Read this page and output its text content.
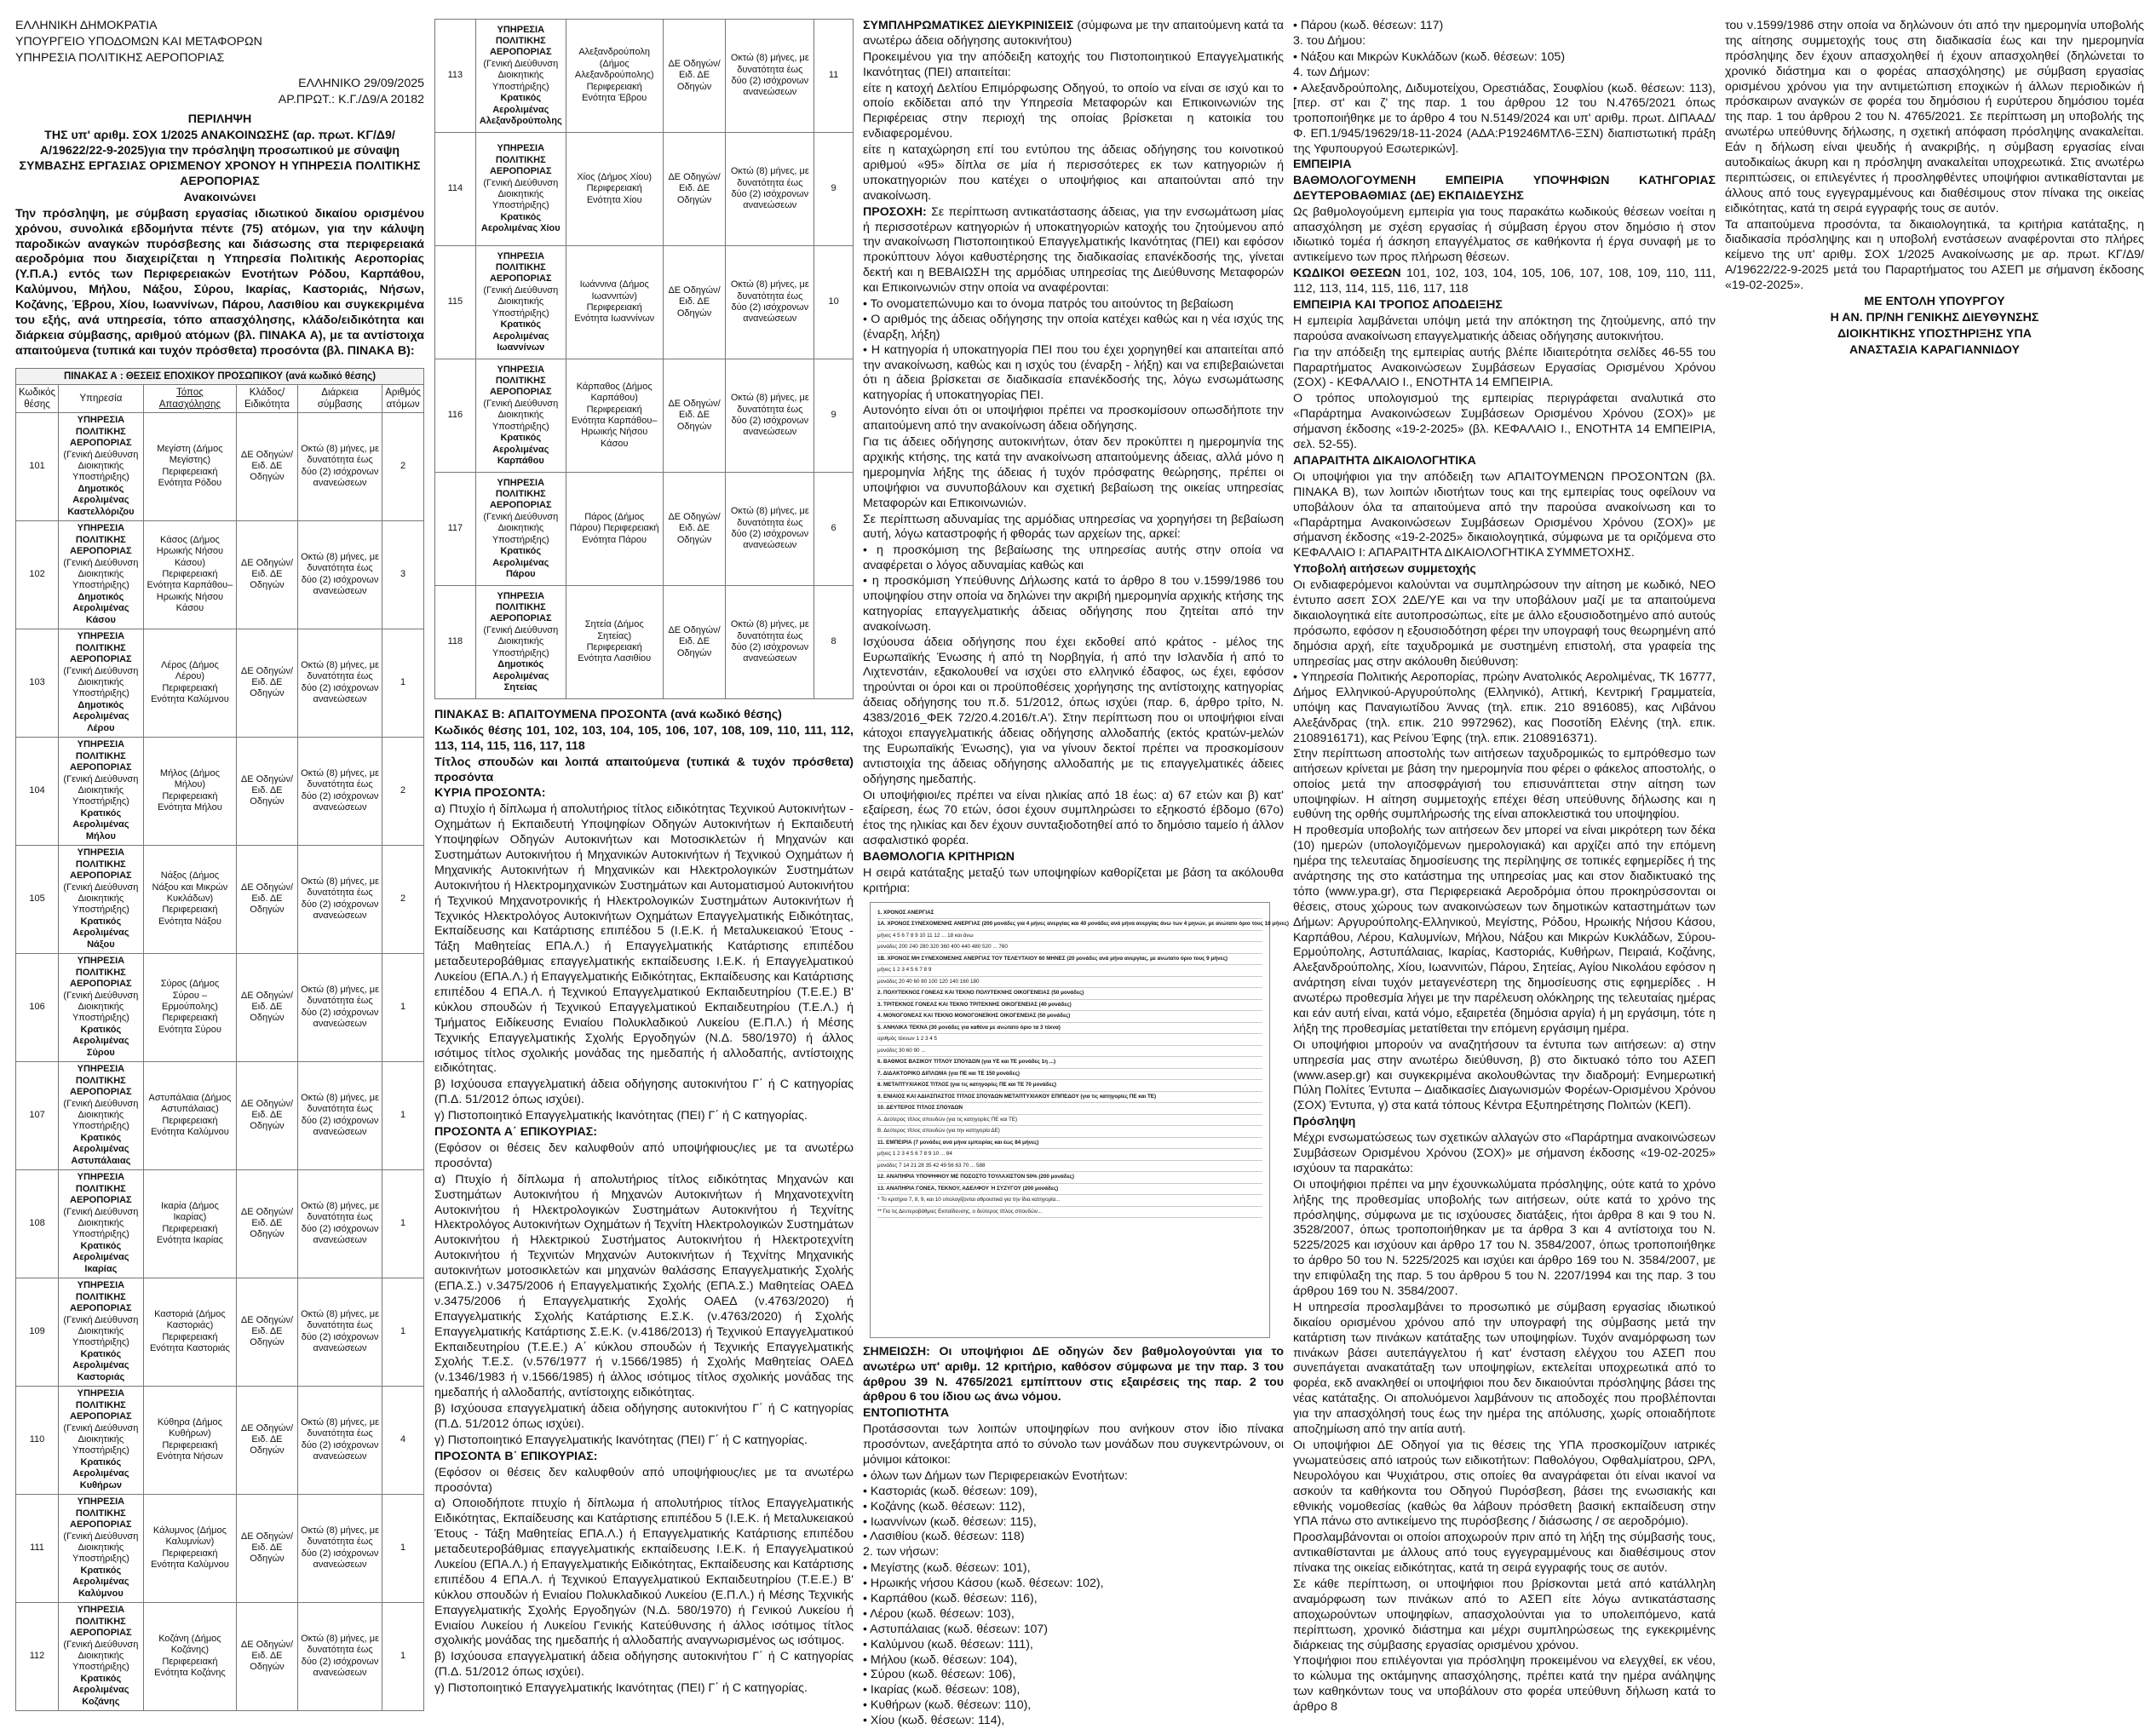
ΕΛΛΗΝΙΚΗ ΔΗΜΟΚΡΑΤΙΑ

ΥΠΟΥΡΓΕΙΟ ΥΠΟΔΟΜΩΝ ΚΑΙ ΜΕΤΑΦΟΡΩΝ

ΥΠΗΡΕΣΙΑ ΠΟΛΙΤΙΚΗΣ ΑΕΡΟΠΟΡΙΑΣ

ΕΛΛΗΝΙΚΟ 29/09/2025

ΑΡ.ΠΡΩΤ.: Κ.Γ./Δ9/Α 20182

ΠΕΡΙΛΗΨΗ

ΤΗΣ υπ' αριθμ. ΣΟΧ 1/2025 ΑΝΑΚΟΙΝΩΣΗΣ (αρ. πρωτ. ΚΓ/Δ9/Α/19622/22-9-2025)για την πρόσληψη προσωπικού με σύναψη ΣΥΜΒΑΣΗΣ ΕΡΓΑΣΙΑΣ ΟΡΙΣΜΕΝΟΥ ΧΡΟΝΟΥ Η ΥΠΗΡΕΣΙΑ ΠΟΛΙΤΙΚΗΣ ΑΕΡΟΠΟΡΙΑΣ

Ανακοινώνει

Την πρόσληψη, με σύμβαση εργασίας ιδιωτικού δικαίου ορισμένου χρόνου, συνολικά εβδομήντα πέντε (75) ατόμων, για την κάλυψη παροδικών αναγκών πυρόσβεσης και διάσωσης στα περιφερειακά αεροδρόμια που διαχειρίζεται η Υπηρεσία Πολιτικής Αεροπορίας (Υ.Π.Α.) εντός των Περιφερειακών Ενοτήτων Ρόδου, Καρπάθου, Καλύμνου, Μήλου, Νάξου, Σύρου, Ικαρίας, Καστοριάς, Νήσων, Κοζάνης, Έβρου, Χίου, Ιωαννίνων, Πάρου, Λασιθίου και συγκεκριμένα του εξής, ανά υπηρεσία, τόπο απασχόλησης, κλάδο/ειδικότητα και διάρκεια σύμβασης, αριθμού ατόμων (βλ. ΠΙΝΑΚΑ Α), με τα αντίστοιχα απαιτούμενα (τυπικά και τυχόν πρόσθετα) προσόντα (βλ. ΠΙΝΑΚΑ Β):

ΠΙΝΑΚΑΣ Α : ΘΕΣΕΙΣ ΕΠΟΧΙΚΟΥ ΠΡΟΣΩΠΙΚΟΥ (ανά κωδικό θέσης)					
Κωδικός θέσης	Υπηρεσία	Τόπος Απασχόλησης	Κλάδος/ Ειδικότητα	Διάρκεια σύμβασης	Αριθμός ατόμων
101	ΥΠΗΡΕΣΙΑ ΠΟΛΙΤΙΚΗΣ ΑΕΡΟΠΟΡΙΑΣ
(Γενική Διεύθυνση Διοικητικής Υποστήριξης)
Δημοτικός Αερολιμένας Καστελλόριζου	Μεγίστη (Δήμος Μεγίστης) Περιφερειακή Ενότητα Ρόδου	ΔΕ Οδηγών/ Ειδ. ΔΕ Οδηγών	Οκτώ (8) μήνες, με δυνατότητα έως δύο (2) ισόχρονων ανανεώσεων	2
102	ΥΠΗΡΕΣΙΑ ΠΟΛΙΤΙΚΗΣ ΑΕΡΟΠΟΡΙΑΣ
(Γενική Διεύθυνση Διοικητικής Υποστήριξης)
Δημοτικός Αερολιμένας Κάσου	Κάσος (Δήμος Ηρωικής Νήσου Κάσου) Περιφερειακή Ενότητα Καρπάθου– Ηρωικής Νήσου Κάσου	ΔΕ Οδηγών/ Ειδ. ΔΕ Οδηγών	Οκτώ (8) μήνες, με δυνατότητα έως δύο (2) ισόχρονων ανανεώσεων	3
103	ΥΠΗΡΕΣΙΑ ΠΟΛΙΤΙΚΗΣ ΑΕΡΟΠΟΡΙΑΣ
(Γενική Διεύθυνση Διοικητικής Υποστήριξης)
Δημοτικός Αερολιμένας Λέρου	Λέρος (Δήμος Λέρου) Περιφερειακή Ενότητα Καλύμνου	ΔΕ Οδηγών/ Ειδ. ΔΕ Οδηγών	Οκτώ (8) μήνες, με δυνατότητα έως δύο (2) ισόχρονων ανανεώσεων	1
104	ΥΠΗΡΕΣΙΑ ΠΟΛΙΤΙΚΗΣ ΑΕΡΟΠΟΡΙΑΣ
(Γενική Διεύθυνση Διοικητικής Υποστήριξης)
Κρατικός Αερολιμένας Μήλου	Μήλος (Δήμος Μήλου) Περιφερειακή Ενότητα Μήλου	ΔΕ Οδηγών/ Ειδ. ΔΕ Οδηγών	Οκτώ (8) μήνες, με δυνατότητα έως δύο (2) ισόχρονων ανανεώσεων	2
105	ΥΠΗΡΕΣΙΑ ΠΟΛΙΤΙΚΗΣ ΑΕΡΟΠΟΡΙΑΣ
(Γενική Διεύθυνση Διοικητικής Υποστήριξης)
Κρατικός Αερολιμένας Νάξου	Νάξος (Δήμος Νάξου και Μικρών Κυκλάδων) Περιφερειακή Ενότητα Νάξου	ΔΕ Οδηγών/ Ειδ. ΔΕ Οδηγών	Οκτώ (8) μήνες, με δυνατότητα έως δύο (2) ισόχρονων ανανεώσεων	2
106	ΥΠΗΡΕΣΙΑ ΠΟΛΙΤΙΚΗΣ ΑΕΡΟΠΟΡΙΑΣ
(Γενική Διεύθυνση Διοικητικής Υποστήριξης)
Κρατικός Αερολιμένας Σύρου	Σύρος (Δήμος Σύρου – Ερμούπολης) Περιφερειακή Ενότητα Σύρου	ΔΕ Οδηγών/ Ειδ. ΔΕ Οδηγών	Οκτώ (8) μήνες, με δυνατότητα έως δύο (2) ισόχρονων ανανεώσεων	1
107	ΥΠΗΡΕΣΙΑ ΠΟΛΙΤΙΚΗΣ ΑΕΡΟΠΟΡΙΑΣ
(Γενική Διεύθυνση Διοικητικής Υποστήριξης)
Κρατικός Αερολιμένας Αστυπάλαιας	Αστυπάλαια (Δήμος Αστυπάλαιας) Περιφερειακή Ενότητα Καλύμνου	ΔΕ Οδηγών/ Ειδ. ΔΕ Οδηγών	Οκτώ (8) μήνες, με δυνατότητα έως δύο (2) ισόχρονων ανανεώσεων	1
108	ΥΠΗΡΕΣΙΑ ΠΟΛΙΤΙΚΗΣ ΑΕΡΟΠΟΡΙΑΣ
(Γενική Διεύθυνση Διοικητικής Υποστήριξης)
Κρατικός Αερολιμένας Ικαρίας	Ικαρία (Δήμος Ικαρίας) Περιφερειακή Ενότητα Ικαρίας	ΔΕ Οδηγών/ Ειδ. ΔΕ Οδηγών	Οκτώ (8) μήνες, με δυνατότητα έως δύο (2) ισόχρονων ανανεώσεων	1
109	ΥΠΗΡΕΣΙΑ ΠΟΛΙΤΙΚΗΣ ΑΕΡΟΠΟΡΙΑΣ
(Γενική Διεύθυνση Διοικητικής Υποστήριξης)
Κρατικός Αερολιμένας Καστοριάς	Καστοριά (Δήμος Καστοριάς) Περιφερειακή Ενότητα Καστοριάς	ΔΕ Οδηγών/ Ειδ. ΔΕ Οδηγών	Οκτώ (8) μήνες, με δυνατότητα έως δύο (2) ισόχρονων ανανεώσεων	1
110	ΥΠΗΡΕΣΙΑ ΠΟΛΙΤΙΚΗΣ ΑΕΡΟΠΟΡΙΑΣ
(Γενική Διεύθυνση Διοικητικής Υποστήριξης)
Κρατικός Αερολιμένας Κυθήρων	Κύθηρα (Δήμος Κυθήρων) Περιφερειακή Ενότητα Νήσων	ΔΕ Οδηγών/ Ειδ. ΔΕ Οδηγών	Οκτώ (8) μήνες, με δυνατότητα έως δύο (2) ισόχρονων ανανεώσεων	4
111	ΥΠΗΡΕΣΙΑ ΠΟΛΙΤΙΚΗΣ ΑΕΡΟΠΟΡΙΑΣ
(Γενική Διεύθυνση Διοικητικής Υποστήριξης)
Κρατικός Αερολιμένας Καλύμνου	Κάλυμνος (Δήμος Καλυμνίων) Περιφερειακή Ενότητα Καλύμνου	ΔΕ Οδηγών/ Ειδ. ΔΕ Οδηγών	Οκτώ (8) μήνες, με δυνατότητα έως δύο (2) ισόχρονων ανανεώσεων	1
112	ΥΠΗΡΕΣΙΑ ΠΟΛΙΤΙΚΗΣ ΑΕΡΟΠΟΡΙΑΣ
(Γενική Διεύθυνση Διοικητικής Υποστήριξης)
Κρατικός Αερολιμένας Κοζάνης	Κοζάνη (Δήμος Κοζάνης) Περιφερειακή Ενότητα Κοζάνης	ΔΕ Οδηγών/ Ειδ. ΔΕ Οδηγών	Οκτώ (8) μήνες, με δυνατότητα έως δύο (2) ισόχρονων ανανεώσεων	1
113	ΥΠΗΡΕΣΙΑ ΠΟΛΙΤΙΚΗΣ ΑΕΡΟΠΟΡΙΑΣ
(Γενική Διεύθυνση Διοικητικής Υποστήριξης)
Κρατικός Αερολιμένας Αλεξανδρούπολης	Αλεξανδρούπολη (Δήμος Αλεξανδρούπολης) Περιφερειακή Ενότητα Έβρου	ΔΕ Οδηγών/ Ειδ. ΔΕ Οδηγών	Οκτώ (8) μήνες, με δυνατότητα έως δύο (2) ισόχρονων ανανεώσεων	11
114	ΥΠΗΡΕΣΙΑ ΠΟΛΙΤΙΚΗΣ ΑΕΡΟΠΟΡΙΑΣ
(Γενική Διεύθυνση Διοικητικής Υποστήριξης)
Κρατικός Αερολιμένας Χίου	Χίος (Δήμος Χίου) Περιφερειακή Ενότητα Χίου	ΔΕ Οδηγών/ Ειδ. ΔΕ Οδηγών	Οκτώ (8) μήνες, με δυνατότητα έως δύο (2) ισόχρονων ανανεώσεων	9
115	ΥΠΗΡΕΣΙΑ ΠΟΛΙΤΙΚΗΣ ΑΕΡΟΠΟΡΙΑΣ
(Γενική Διεύθυνση Διοικητικής Υποστήριξης)
Κρατικός Αερολιμένας Ιωαννίνων	Ιωάννινα (Δήμος Ιωαννιτών) Περιφερειακή Ενότητα Ιωαννίνων	ΔΕ Οδηγών/ Ειδ. ΔΕ Οδηγών	Οκτώ (8) μήνες, με δυνατότητα έως δύο (2) ισόχρονων ανανεώσεων	10
116	ΥΠΗΡΕΣΙΑ ΠΟΛΙΤΙΚΗΣ ΑΕΡΟΠΟΡΙΑΣ
(Γενική Διεύθυνση Διοικητικής Υποστήριξης)
Κρατικός Αερολιμένας Καρπάθου	Κάρπαθος (Δήμος Καρπάθου) Περιφερειακή Ενότητα Καρπάθου–Ηρωικής Νήσου Κάσου	ΔΕ Οδηγών/ Ειδ. ΔΕ Οδηγών	Οκτώ (8) μήνες, με δυνατότητα έως δύο (2) ισόχρονων ανανεώσεων	9
117	ΥΠΗΡΕΣΙΑ ΠΟΛΙΤΙΚΗΣ ΑΕΡΟΠΟΡΙΑΣ
(Γενική Διεύθυνση Διοικητικής Υποστήριξης)
Κρατικός Αερολιμένας Πάρου	Πάρος (Δήμος Πάρου) Περιφερειακή Ενότητα Πάρου	ΔΕ Οδηγών/ Ειδ. ΔΕ Οδηγών	Οκτώ (8) μήνες, με δυνατότητα έως δύο (2) ισόχρονων ανανεώσεων	6
118	ΥΠΗΡΕΣΙΑ ΠΟΛΙΤΙΚΗΣ ΑΕΡΟΠΟΡΙΑΣ
(Γενική Διεύθυνση Διοικητικής Υποστήριξης)
Δημοτικός Αερολιμένας Σητείας	Σητεία (Δήμος Σητείας) Περιφερειακή Ενότητα Λασιθίου	ΔΕ Οδηγών/ Ειδ. ΔΕ Οδηγών	Οκτώ (8) μήνες, με δυνατότητα έως δύο (2) ισόχρονων ανανεώσεων	8

ΠΙΝΑΚΑΣ Β: ΑΠΑΙΤΟΥΜΕΝΑ ΠΡΟΣΟΝΤΑ (ανά κωδικό θέσης)

Κωδικός θέσης 101, 102, 103, 104, 105, 106, 107, 108, 109, 110, 111, 112, 113, 114, 115, 116, 117, 118

Τίτλος σπουδών και λοιπά απαιτούμενα (τυπικά & τυχόν πρόσθετα) προσόντα

ΚΥΡΙΑ ΠΡΟΣΟΝΤΑ:

α) Πτυχίο ή δίπλωμα ή απολυτήριος τίτλος ειδικότητας Τεχνικού Αυτοκινήτων - Οχημάτων ή Εκπαιδευτή Υποψηφίων Οδηγών Αυτοκινήτων ή Εκπαιδευτή Υποψηφίων Οδηγών Αυτοκινήτων και Μοτοσικλετών ή Μηχανών και Συστημάτων Αυτοκινήτου ή Μηχανικών Αυτοκινήτων ή Τεχνικού Οχημάτων ή Μηχανικής Αυτοκινήτων ή Μηχανικών και Ηλεκτρολογικών Συστημάτων Αυτοκινήτου ή Ηλεκτρομηχανικών Συστημάτων και Αυτοματισμού Αυτοκινήτου ή Τεχνικού Μηχανοτρονικής ή Ηλεκτρολογικών Συστημάτων Αυτοκινήτων ή Τεχνικός Ηλεκτρολόγος Αυτοκινήτων Οχημάτων Επαγγελματικής Ειδικότητας, Εκπαίδευσης και Κατάρτισης επιπέδου 5 (Ι.Ε.Κ. ή Μεταλυκειακού Έτους - Τάξη Μαθητείας ΕΠΑ.Λ.) ή Επαγγελματικής Κατάρτισης επιπέδου μεταδευτεροβάθμιας επαγγελματικής εκπαίδευσης Ι.Ε.Κ. ή Επαγγελματικού Λυκείου (ΕΠΑ.Λ.) ή Επαγγελματικής Ειδικότητας, Εκπαίδευσης και Κατάρτισης επιπέδου 4 ΕΠΑ.Λ. ή Τεχνικού Επαγγελματικού Εκπαιδευτηρίου (Τ.Ε.Ε.) Β' κύκλου σπουδών ή Τεχνικού Επαγγελματικού Εκπαιδευτηρίου (Τ.Ε.Λ.) ή Τμήματος Ειδίκευσης Ενιαίου Πολυκλαδικού Λυκείου (Ε.Π.Λ.) ή Μέσης Τεχνικής Επαγγελματικής Σχολής Εργοδηγών (Ν.Δ. 580/1970) ή άλλος ισότιμος τίτλος σχολικής μονάδας της ημεδαπής ή αλλοδαπής, αντίστοιχης ειδικότητας.

β) Ισχύουσα επαγγελματική άδεια οδήγησης αυτοκινήτου Γ΄ ή C κατηγορίας (Π.Δ. 51/2012 όπως ισχύει).

γ) Πιστοποιητικό Επαγγελματικής Ικανότητας (ΠΕΙ) Γ΄ ή C κατηγορίας.

ΠΡΟΣΟΝΤΑ Α΄ ΕΠΙΚΟΥΡΙΑΣ:

(Εφόσον οι θέσεις δεν καλυφθούν από υποψήφιους/ιες με τα ανωτέρω προσόντα)

α) Πτυχίο ή δίπλωμα ή απολυτήριος τίτλος ειδικότητας Μηχανών και Συστημάτων Αυτοκινήτου ή Μηχανών Αυτοκινήτων ή Μηχανοτεχνίτη Αυτοκινήτου ή Ηλεκτρολογικών Συστημάτων Αυτοκινήτου ή Τεχνίτης Ηλεκτρολόγος Αυτοκινήτων Οχημάτων ή Τεχνίτη Ηλεκτρολογικών Συστημάτων Αυτοκινήτου ή Ηλεκτρικού Συστήματος Αυτοκινήτου ή Ηλεκτροτεχνίτη Αυτοκινήτου ή Τεχνιτών Μηχανών Αυτοκινήτων ή Τεχνίτης Μηχανικής αυτοκινήτων μοτοσικλετών και μηχανών θαλάσσης Επαγγελματικής Σχολής (ΕΠΑ.Σ.) ν.3475/2006 ή Επαγγελματικής Σχολής (ΕΠΑ.Σ.) Μαθητείας ΟΑΕΔ ν.3475/2006 ή Επαγγελματικής Σχολής ΟΑΕΔ (ν.4763/2020) ή Επαγγελματικής Σχολής Κατάρτισης Ε.Σ.Κ. (ν.4763/2020) ή Σχολής Επαγγελματικής Κατάρτισης Σ.Ε.Κ. (ν.4186/2013) ή Τεχνικού Επαγγελματικού Εκπαιδευτηρίου (Τ.Ε.Ε.) Α΄ κύκλου σπουδών ή Τεχνικής Επαγγελματικής Σχολής Τ.Ε.Σ. (ν.576/1977 ή ν.1566/1985) ή Σχολής Μαθητείας ΟΑΕΔ (ν.1346/1983 ή ν.1566/1985) ή άλλος ισότιμος τίτλος σχολικής μονάδας της ημεδαπής ή αλλοδαπής, αντίστοιχης ειδικότητας.

β) Ισχύουσα επαγγελματική άδεια οδήγησης αυτοκινήτου Γ΄ ή C κατηγορίας (Π.Δ. 51/2012 όπως ισχύει).

γ) Πιστοποιητικό Επαγγελματικής Ικανότητας (ΠΕΙ) Γ΄ ή C κατηγορίας.

ΠΡΟΣΟΝΤΑ Β΄ ΕΠΙΚΟΥΡΙΑΣ:

(Εφόσον οι θέσεις δεν καλυφθούν από υποψήφιους/ιες με τα ανωτέρω προσόντα)

α) Οποιοδήποτε πτυχίο ή δίπλωμα ή απολυτήριος τίτλος Επαγγελματικής Ειδικότητας, Εκπαίδευσης και Κατάρτισης επιπέδου 5 (Ι.Ε.Κ. ή Μεταλυκειακού Έτους - Τάξη Μαθητείας ΕΠΑ.Λ.) ή Επαγγελματικής Κατάρτισης επιπέδου μεταδευτεροβάθμιας επαγγελματικής εκπαίδευσης Ι.Ε.Κ. ή Επαγγελματικού Λυκείου (ΕΠΑ.Λ.) ή Επαγγελματικής Ειδικότητας, Εκπαίδευσης και Κατάρτισης επιπέδου 4 ΕΠΑ.Λ. ή Τεχνικού Επαγγελματικού Εκπαιδευτηρίου (Τ.Ε.Ε.) Β' κύκλου σπουδών ή Ενιαίου Πολυκλαδικού Λυκείου (Ε.Π.Λ.) ή Μέσης Τεχνικής Επαγγελματικής Σχολής Εργοδηγών (Ν.Δ. 580/1970) ή Γενικού Λυκείου ή Ενιαίου Λυκείου ή Λυκείου Γενικής Κατεύθυνσης ή άλλος ισότιμος τίτλος σχολικής μονάδας της ημεδαπής ή αλλοδαπής αναγνωρισμένος ως ισότιμος.

β) Ισχύουσα επαγγελματική άδεια οδήγησης αυτοκινήτου Γ΄ ή C κατηγορίας (Π.Δ. 51/2012 όπως ισχύει).

γ) Πιστοποιητικό Επαγγελματικής Ικανότητας (ΠΕΙ) Γ΄ ή C κατηγορίας.

ΣΥΜΠΛΗΡΩΜΑΤΙΚΕΣ ΔΙΕΥΚΡΙΝΙΣΕΙΣ (σύμφωνα με την απαιτούμενη κατά τα ανωτέρω άδεια οδήγησης αυτοκινήτου)

Προκειμένου για την απόδειξη κατοχής του Πιστοποιητικού Επαγγελματικής Ικανότητας (ΠΕΙ) απαιτείται:

είτε η κατοχή Δελτίου Επιμόρφωσης Οδηγού, το οποίο να είναι σε ισχύ και το οποίο εκδίδεται από την Υπηρεσία Μεταφορών και Επικοινωνιών της Περιφέρειας στην περιοχή της οποίας βρίσκεται η κατοικία του ενδιαφερομένου.

είτε η καταχώρηση επί του εντύπου της άδειας οδήγησης του κοινοτικού αριθμού «95» δίπλα σε μία ή περισσότερες εκ των κατηγοριών ή υποκατηγοριών που κατέχει ο υποψήφιος και απαιτούνται από την ανακοίνωση.

ΠΡΟΣΟΧΗ: Σε περίπτωση αντικατάστασης άδειας, για την ενσωμάτωση μίας ή περισσοτέρων κατηγοριών ή υποκατηγοριών κατοχής του ζητούμενου από την ανακοίνωση Πιστοποιητικού Επαγγελματικής Ικανότητας (ΠΕΙ) και εφόσον προκύπτουν λόγοι καθυστέρησης της διαδικασίας επανέκδοσής της, γίνεται δεκτή και η ΒΕΒΑΙΩΣΗ της αρμόδιας υπηρεσίας της Διεύθυνσης Μεταφορών και Επικοινωνιών στην οποία να αναφέρονται:

• Το ονοματεπώνυμο και το όνομα πατρός του αιτούντος τη βεβαίωση
• Ο αριθμός της άδειας οδήγησης την οποία κατέχει καθώς και η νέα ισχύς της (έναρξη, λήξη)
• Η κατηγορία ή υποκατηγορία ΠΕΙ που του έχει χορηγηθεί και απαιτείται από την ανακοίνωση, καθώς και η ισχύς του (έναρξη - λήξη) και να επιβεβαιώνεται ότι η άδεια βρίσκεται σε διαδικασία επανέκδοσής της, λόγω ενσωμάτωσης κατηγορίας ή υποκατηγορίας ΠΕΙ.

Αυτονόητο είναι ότι οι υποψήφιοι πρέπει να προσκομίσουν οπωσδήποτε την απαιτούμενη από την ανακοίνωση άδεια οδήγησης.

Για τις άδειες οδήγησης αυτοκινήτων, όταν δεν προκύπτει η ημερομηνία της αρχικής κτήσης, της κατά την ανακοίνωση απαιτούμενης άδειας, αλλά μόνο η ημερομηνία λήξης της άδειας ή τυχόν πρόσφατης θεώρησης, πρέπει οι υποψήφιοι να συνυποβάλουν και σχετική βεβαίωση της οικείας υπηρεσίας Μεταφορών και Επικοινωνιών.

Σε περίπτωση αδυναμίας της αρμόδιας υπηρεσίας να χορηγήσει τη βεβαίωση αυτή, λόγω καταστροφής ή φθοράς των αρχείων της, αρκεί:

• η προσκόμιση της βεβαίωσης της υπηρεσίας αυτής στην οποία να αναφέρεται ο λόγος αδυναμίας καθώς και
• η προσκόμιση Υπεύθυνης Δήλωσης κατά το άρθρο 8 του ν.1599/1986 του υποψηφίου στην οποία να δηλώνει την ακριβή ημερομηνία αρχικής κτήσης της κατηγορίας επαγγελματικής άδειας οδήγησης που ζητείται από την ανακοίνωση.

Ισχύουσα άδεια οδήγησης που έχει εκδοθεί από κράτος - μέλος της Ευρωπαϊκής Ένωσης ή από τη Νορβηγία, ή από την Ισλανδία ή από το Λιχτενστάιν, εξακολουθεί να ισχύει στο ελληνικό έδαφος, ως έχει, εφόσον τηρούνται οι όροι και οι προϋποθέσεις χορήγησης της αντίστοιχης κατηγορίας άδειας οδήγησης του π.δ. 51/2012, όπως ισχύει (παρ. 6, άρθρο τρίτο, Ν. 4383/2016_ΦΕΚ 72/20.4.2016/τ.Α'). Στην περίπτωση που οι υποψήφιοι είναι κάτοχοι επαγγελματικής άδειας οδήγησης αλλοδαπής (εκτός κρατών-μελών της Ευρωπαϊκής Ένωσης), για να γίνουν δεκτοί πρέπει να προσκομίσουν αντιστοιχία της άδειας οδήγησης αλλοδαπής με τις επαγγελματικές άδειες οδήγησης ημεδαπής.

Οι υποψήφιοι/ες πρέπει να είναι ηλικίας από 18 έως: α) 67 ετών και β) κατ' εξαίρεση, έως 70 ετών, όσοι έχουν συμπληρώσει το εξηκοστό έβδομο (67ο) έτος της ηλικίας και δεν έχουν συνταξιοδοτηθεί από το δημόσιο ταμείο ή άλλον ασφαλιστικό φορέα.

ΒΑΘΜΟΛΟΓΙΑ ΚΡΙΤΗΡΙΩΝ

Η σειρά κατάταξης μεταξύ των υποψηφίων καθορίζεται με βάση τα ακόλουθα κριτήρια:

1. ΧΡΟΝΟΣ ΑΝΕΡΓΙΑΣ
1Α. ΧΡΟΝΟΣ ΣΥΝΕΧΟΜΕΝΗΣ ΑΝΕΡΓΙΑΣ (200 μονάδες για 4 μήνες ανεργίας και 40 μονάδες ανά μήνα ανεργίας άνω των 4 μηνών, με ανώτατο όριο τους 18 μήνες)
μήνες 4 5 6 7 8 9 10 11 12 ... 18 και άνω
μονάδες 200 240 280 320 360 400 440 480 520 ... 760
1Β. ΧΡΟΝΟΣ ΜΗ ΣΥΝΕΧΟΜΕΝΗΣ ΑΝΕΡΓΙΑΣ ΤΟΥ ΤΕΛΕΥΤΑΙΟΥ 60 ΜΗΝΕΣ (20 μονάδες ανά μήνα ανεργίας, με ανώτατο όριο τους 9 μήνες)
μήνες 1 2 3 4 5 6 7 8 9
μονάδες 20 40 60 80 100 120 140 160 180
2. ΠΟΛΥΤΕΚΝΟΣ ΓΟΝΕΑΣ ΚΑΙ ΤΕΚΝΟ ΠΟΛΥΤΕΚΝΗΣ ΟΙΚΟΓΕΝΕΙΑΣ (50 μονάδες)
3. ΤΡΙΤΕΚΝΟΣ ΓΟΝΕΑΣ ΚΑΙ ΤΕΚΝΟ ΤΡΙΤΕΚΝΗΣ ΟΙΚΟΓΕΝΕΙΑΣ (40 μονάδες)
4. ΜΟΝΟΓΟΝΕΑΣ ΚΑΙ ΤΕΚΝΟ ΜΟΝΟΓΟΝΕΪΚΗΣ ΟΙΚΟΓΕΝΕΙΑΣ (50 μονάδες)
5. ΑΝΗΛΙΚΑ ΤΕΚΝΑ (30 μονάδες για καθένα με ανώτατο όριο τα 3 τέκνα)
αριθμός τέκνων 1 2 3 4 5
μονάδες 30 60 90 ...
6. ΒΑΘΜΟΣ ΒΑΣΙΚΟΥ ΤΙΤΛΟΥ ΣΠΟΥΔΩΝ (για ΥΕ και ΤΕ μονάδες 1η ...)
7. ΔΙΔΑΚΤΟΡΙΚΟ ΔΙΠΛΩΜΑ (για ΠΕ και ΤΕ 150 μονάδες)
8. ΜΕΤΑΠΤΥΧΙΑΚΟΣ ΤΙΤΛΟΣ (για τις κατηγορίες ΠΕ και ΤΕ 70 μονάδες)
9. ΕΝΙΑΙΟΣ ΚΑΙ ΑΔΙΑΣΠΑΣΤΟΣ ΤΙΤΛΟΣ ΣΠΟΥΔΩΝ ΜΕΤΑΠΤΥΧΙΑΚΟΥ ΕΠΙΠΕΔΟΥ (για τις κατηγορίες ΠΕ και ΤΕ)
10. ΔΕΥΤΕΡΟΣ ΤΙΤΛΟΣ ΣΠΟΥΔΩΝ
Α. Δεύτερος τίτλος σπουδών (για τις κατηγορίες ΠΕ και ΤΕ)
Β. Δεύτερος τίτλος σπουδών (για την κατηγορία ΔΕ)
11. ΕΜΠΕΙΡΙΑ (7 μονάδες ανά μήνα εμπειρίας και έως 84 μήνες)
μήνες 1 2 3 4 5 6 7 8 9 10 ... 84
μονάδες 7 14 21 28 35 42 49 56 63 70 ... 588
12. ΑΝΑΠΗΡΙΑ ΥΠΟΨΗΦΙΟΥ ΜΕ ΠΟΣΟΣΤΟ ΤΟΥΛΑΧΙΣΤΟΝ 50% (200 μονάδες)
13. ΑΝΑΠΗΡΙΑ ΓΟΝΕΑ, ΤΕΚΝΟΥ, ΑΔΕΛΦΟΥ Ή ΣΥΖΥΓΟΥ (200 μονάδες)
* Το κριτήριο 7, 8, 9, και 10 υπολογίζονται αθροιστικά για την ίδια κατηγορία...
** Για τις Δευτεροβάθμιες Εκπαίδευσης, ο δεύτερος τίτλος σπουδών...

ΣΗΜΕΙΩΣΗ: Οι υποψήφιοι ΔΕ οδηγών δεν βαθμολογούνται για το ανωτέρω υπ' αριθμ. 12 κριτήριο, καθόσον σύμφωνα με την παρ. 3 του άρθρου 39 Ν. 4765/2021 εμπίπτουν στις εξαιρέσεις της παρ. 2 του άρθρου 6 του ίδιου ως άνω νόμου.

ΕΝΤΟΠΙΟΤΗΤΑ

Προτάσσονται των λοιπών υποψηφίων που ανήκουν στον ίδιο πίνακα προσόντων, ανεξάρτητα από το σύνολο των μονάδων που συγκεντρώνουν, οι μόνιμοι κάτοικοι:

• όλων των Δήμων των Περιφερειακών Ενοτήτων:
• Καστοριάς (κωδ. θέσεων: 109),
• Κοζάνης (κωδ. θέσεων: 112),
• Ιωαννίνων (κωδ. θέσεων: 115),
• Λασιθίου (κωδ. θέσεων: 118)

2. των νήσων:

• Μεγίστης (κωδ. θέσεων: 101),
• Ηρωικής νήσου Κάσου (κωδ. θέσεων: 102),
• Καρπάθου (κωδ. θέσεων: 116),
• Λέρου (κωδ. θέσεων: 103),
• Αστυπάλαιας (κωδ. θέσεων: 107)
• Καλύμνου (κωδ. θέσεων: 111),
• Μήλου (κωδ. θέσεων: 104),
• Σύρου (κωδ. θέσεων: 106),
• Ικαρίας (κωδ. θέσεων: 108),
• Κυθήρων (κωδ. θέσεων: 110),
• Χίου (κωδ. θέσεων: 114),
• Πάρου (κωδ. θέσεων: 117)

3. του Δήμου:

• Νάξου και Μικρών Κυκλάδων (κωδ. θέσεων: 105)

4. των Δήμων:

• Αλεξανδρούπολης, Διδυμοτείχου, Ορεστιάδας, Σουφλίου (κωδ. θέσεων: 113), [περ. στ' και ζ' της παρ. 1 του άρθρου 12 του Ν.4765/2021 όπως τροποποιήθηκε με το άρθρο 4 του Ν.5149/2024 και υπ' αριθμ. πρωτ. ΔΙΠΑΑΔ/Φ. ΕΠ.1/945/19629/18-11-2024 (ΑΔΑ:Ρ19246ΜΤΛ6-ΞΣΝ) διαπιστωτική πράξη της Υφυπουργού Εσωτερικών].

ΕΜΠΕΙΡΙΑ

ΒΑΘΜΟΛΟΓΟΥΜΕΝΗ ΕΜΠΕΙΡΙΑ ΥΠΟΨΗΦΙΩΝ ΚΑΤΗΓΟΡΙΑΣ ΔΕΥΤΕΡΟΒΑΘΜΙΑΣ (ΔΕ) ΕΚΠΑΙΔΕΥΣΗΣ

Ως βαθμολογούμενη εμπειρία για τους παρακάτω κωδικούς θέσεων νοείται η απασχόληση με σχέση εργασίας ή σύμβαση έργου στον δημόσιο ή στον ιδιωτικό τομέα ή άσκηση επαγγέλματος σε καθήκοντα ή έργα συναφή με το αντικείμενο των προς πλήρωση θέσεων.

ΚΩΔΙΚΟΙ ΘΕΣΕΩΝ 101, 102, 103, 104, 105, 106, 107, 108, 109, 110, 111, 112, 113, 114, 115, 116, 117, 118

ΕΜΠΕΙΡΙΑ ΚΑΙ ΤΡΟΠΟΣ ΑΠΟΔΕΙΞΗΣ

Η εμπειρία λαμβάνεται υπόψη μετά την απόκτηση της ζητούμενης, από την παρούσα ανακοίνωση επαγγελματικής άδειας οδήγησης αυτοκινήτου.

Για την απόδειξη της εμπειρίας αυτής βλέπε Ιδιαιτερότητα σελίδες 46-55 του Παραρτήματος Ανακοινώσεων Συμβάσεων Εργασίας Ορισμένου Χρόνου (ΣΟΧ) - ΚΕΦΑΛΑΙΟ Ι., ΕΝΟΤΗΤΑ 14 ΕΜΠΕΙΡΙΑ.

Ο τρόπος υπολογισμού της εμπειρίας περιγράφεται αναλυτικά στο «Παράρτημα Ανακοινώσεων Συμβάσεων Ορισμένου Χρόνου (ΣΟΧ)» με σήμανση έκδοσης «19-2-2025» (βλ. ΚΕΦΑΛΑΙΟ Ι., ΕΝΟΤΗΤΑ 14 ΕΜΠΕΙΡΙΑ, σελ. 52-55).

ΑΠΑΡΑΙΤΗΤΑ ΔΙΚΑΙΟΛΟΓΗΤΙΚΑ

Οι υποψήφιοι για την απόδειξη των ΑΠΑΙΤΟΥΜΕΝΩΝ ΠΡΟΣΟΝΤΩΝ (βλ. ΠΙΝΑΚΑ Β), των λοιπών ιδιοτήτων τους και της εμπειρίας τους οφείλουν να υποβάλουν όλα τα απαιτούμενα από την παρούσα ανακοίνωση και το «Παράρτημα Ανακοινώσεων Συμβάσεων Ορισμένου Χρόνου (ΣΟΧ)» με σήμανση έκδοσης «19-2-2025» δικαιολογητικά, σύμφωνα με τα οριζόμενα στο ΚΕΦΑΛΑΙΟ Ι: ΑΠΑΡΑΙΤΗΤΑ ΔΙΚΑΙΟΛΟΓΗΤΙΚΑ ΣΥΜΜΕΤΟΧΗΣ.

Υποβολή αιτήσεων συμμετοχής

Οι ενδιαφερόμενοι καλούνται να συμπληρώσουν την αίτηση με κωδικό, ΝΕΟ έντυπο ασεπ ΣΟΧ 2ΔΕ/ΥΕ και να την υποβάλουν μαζί με τα απαιτούμενα δικαιολογητικά είτε αυτοπροσώπως, είτε με άλλο εξουσιοδοτημένο από αυτούς πρόσωπο, εφόσον η εξουσιοδότηση φέρει την υπογραφή τους θεωρημένη από δημόσια αρχή, είτε ταχυδρομικά με συστημένη επιστολή, στα γραφεία της υπηρεσίας μας στην ακόλουθη διεύθυνση:

• Υπηρεσία Πολιτικής Αεροπορίας, πρώην Ανατολικός Αερολιμένας, ΤΚ 16777, Δήμος Ελληνικού-Αργυρούπολης (Ελληνικό), Αττική, Κεντρική Γραμματεία, υπόψη κας Παναγιωτίδου Άννας (τηλ. επικ. 210 8916085), κας Λιβάνου Αλεξάνδρας (τηλ. επικ. 210 9972962), κας Ποσοτίδη Ελένης (τηλ. επικ. 2108916171), κας Ρείνου Έφης (τηλ. επικ. 2108916371).

Στην περίπτωση αποστολής των αιτήσεων ταχυδρομικώς το εμπρόθεσμο των αιτήσεων κρίνεται με βάση την ημερομηνία που φέρει ο φάκελος αποστολής, ο οποίος μετά την αποσφράγισή του επισυνάπτεται στην αίτηση των υποψηφίων. Η αίτηση συμμετοχής επέχει θέση υπεύθυνης δήλωσης και η ευθύνη της ορθής συμπλήρωσής της είναι αποκλειστικά του υποψηφίου.

Η προθεσμία υποβολής των αιτήσεων δεν μπορεί να είναι μικρότερη των δέκα (10) ημερών (υπολογιζόμενων ημερολογιακά) και αρχίζει από την επόμενη ημέρα της τελευταίας δημοσίευσης της περίληψης σε τοπικές εφημερίδες ή της ανάρτησης της στο κατάστημα της υπηρεσίας μας και στον διαδικτυακό της τόπο (www.ypa.gr), στα Περιφερειακά Αεροδρόμια όπου προκηρύσσονται οι θέσεις, στους χώρους των ανακοινώσεων των δημοτικών καταστημάτων των Δήμων: Αργυρούπολης-Ελληνικού, Μεγίστης, Ρόδου, Ηρωικής Νήσου Κάσου, Καρπάθου, Λέρου, Καλυμνίων, Μήλου, Νάξου και Μικρών Κυκλάδων, Σύρου-Ερμούπολης, Αστυπάλαιας, Ικαρίας, Καστοριάς, Κυθήρων, Πειραιά, Κοζάνης, Αλεξανδρούπολης, Χίου, Ιωαννιτών, Πάρου, Σητείας, Αγίου Νικολάου εφόσον η ανάρτηση είναι τυχόν μεταγενέστερη της δημοσίευσης στις εφημερίδες . Η ανωτέρω προθεσμία λήγει με την παρέλευση ολόκληρης της τελευταίας ημέρας και εάν αυτή είναι, κατά νόμο, εξαιρετέα (δημόσια αργία) ή μη εργάσιμη, τότε η λήξη της προθεσμίας μετατίθεται την επόμενη εργάσιμη ημέρα.

Οι υποψήφιοι μπορούν να αναζητήσουν τα έντυπα των αιτήσεων: α) στην υπηρεσία μας στην ανωτέρω διεύθυνση, β) στο δικτυακό τόπο του ΑΣΕΠ (www.asep.gr) και συγκεκριμένα ακολουθώντας την διαδρομή: Ενημερωτική Πύλη Πολίτες Έντυπα – Διαδικασίες Διαγωνισμών Φορέων-Ορισμένου Χρόνου (ΣΟΧ) Έντυπα, γ) στα κατά τόπους Κέντρα Εξυπηρέτησης Πολιτών (ΚΕΠ).

Πρόσληψη

Μέχρι ενσωματώσεως των σχετικών αλλαγών στο «Παράρτημα ανακοινώσεων Συμβάσεων Ορισμένου Χρόνου (ΣΟΧ)» με σήμανση έκδοσης «19-02-2025» ισχύουν τα παρακάτω:

Οι υποψήφιοι πρέπει να μην έχουνκωλύματα πρόσληψης, ούτε κατά το χρόνο λήξης της προθεσμίας υποβολής των αιτήσεων, ούτε κατά το χρόνο της πρόσληψης, σύμφωνα με τις ισχύουσες διατάξεις, ήτοι άρθρα 8 και 9 του Ν. 3528/2007, όπως τροποποιήθηκαν με τα άρθρα 3 και 4 αντίστοιχα του Ν. 5225/2025 και ισχύουν και άρθρο 17 του Ν. 3584/2007, όπως τροποποιήθηκε το άρθρο 50 του Ν. 5225/2025 και ισχύει και άρθρο 169 του Ν. 3584/2007, με την επιφύλαξη της παρ. 5 του άρθρου 5 του Ν. 2207/1994 και της παρ. 3 του άρθρου 169 του Ν. 3584/2007.

Η υπηρεσία προσλαμβάνει το προσωπικό με σύμβαση εργασίας ιδιωτικού δικαίου ορισμένου χρόνου από την υπογραφή της σύμβασης μετά την κατάρτιση των πινάκων κατάταξης των υποψηφίων. Τυχόν αναμόρφωση των πινάκων βάσει αυτεπάγγελτου ή κατ' ένσταση ελέγχου του ΑΣΕΠ που συνεπάγεται ανακατάταξη των υποψηφίων, εκτελείται υποχρεωτικά από το φορέα, εκδ ανακληθεί οι υποψήφιοι που δεν δικαιούνται πρόσληψης βάσει της νέας κατάταξης. Οι απολυόμενοι λαμβάνουν τις αποδοχές που προβλέπονται για την απασχόλησή τους έως την ημέρα της απόλυσης, χωρίς οποιαδήποτε αποζημίωση από την αιτία αυτή.

Οι υποψήφιοι ΔΕ Οδηγοί για τις θέσεις της ΥΠΑ προσκομίζουν ιατρικές γνωματεύσεις από ιατρούς των ειδικοτήτων: Παθολόγου, Οφθαλμίατρου, ΩΡΛ, Νευρολόγου και Ψυχιάτρου, στις οποίες θα αναγράφεται ότι είναι ικανοί να ασκούν τα καθήκοντα του Οδηγού Πυρόσβεση, βάσει της ενωσιακής και εθνικής νομοθεσίας (καθώς θα λάβουν πρόσθετη βασική εκπαίδευση στην ΥΠΑ πάνω στο αντικείμενο της πυρόσβεσης / διάσωσης / σε αεροδρόμιο).

Προσλαμβάνονται οι οποίοι αποχωρούν πριν από τη λήξη της σύμβασής τους, αντικαθίστανται με άλλους από τους εγγεγραμμένους και διαθέσιμους στον πίνακα της οικείας ειδικότητας, κατά τη σειρά εγγραφής τους σε αυτόν.

Σε κάθε περίπτωση, οι υποψήφιοι που βρίσκονται μετά από κατάλληλη αναμόρφωση των πινάκων από το ΑΣΕΠ είτε λόγω αντικατάστασης αποχωρούντων υποψηφίων, απασχολούνται για το υπολειπόμενο, κατά περίπτωση, χρονικό διάστημα και μέχρι συμπληρώσεως της εγκεκριμένης διάρκειας της σύμβασης εργασίας ορισμένου χρόνου.

Υποψήφιοι που επιλέγονται για πρόσληψη προκειμένου να ελεγχθεί, εκ νέου, το κώλυμα της οκτάμηνης απασχόλησης, πρέπει κατά την ημέρα ανάληψης των καθηκόντων τους να υποβάλουν στο φορέα υπεύθυνη δήλωση κατά το άρθρο 8

του ν.1599/1986 στην οποία να δηλώνουν ότι από την ημερομηνία υποβολής της αίτησης συμμετοχής τους στη διαδικασία έως και την ημερομηνία πρόσληψης δεν έχουν απασχοληθεί ή έχουν απασχοληθεί (δηλώνεται το χρονικό διάστημα και ο φορέας απασχόλησης) με σύμβαση εργασίας ορισμένου χρόνου για την αντιμετώπιση εποχικών ή άλλων περιοδικών ή πρόσκαιρων αναγκών σε φορέα του δημόσιου ή ευρύτερου δημόσιου τομέα της παρ. 1 του άρθρου 2 του Ν. 4765/2021. Σε περίπτωση μη υποβολής της ανωτέρω υπεύθυνης δήλωσης, η σχετική απόφαση πρόσληψης ανακαλείται. Εάν η δήλωση είναι ψευδής ή ανακριβής, η σύμβαση εργασίας είναι αυτοδικαίως άκυρη και η πρόσληψη ανακαλείται υποχρεωτικά. Στις ανωτέρω περιπτώσεις, οι επιλεγέντες ή προσληφθέντες υποψήφιοι αντικαθίστανται με άλλους από τους εγγεγραμμένους και διαθέσιμους στον πίνακα της οικείας ειδικότητας, κατά τη σειρά εγγραφής τους σε αυτόν.

Τα απαιτούμενα προσόντα, τα δικαιολογητικά, τα κριτήρια κατάταξης, η διαδικασία πρόσληψης και η υποβολή ενστάσεων αναφέρονται στο πλήρες κείμενο της υπ' αριθμ. ΣΟΧ 1/2025 Ανακοίνωσης με αρ. πρωτ. ΚΓ/Δ9/Α/19622/22-9-2025 μετά του Παραρτήματος του ΑΣΕΠ με σήμανση έκδοσης «19-02-2025».

ΜΕ ΕΝΤΟΛΗ ΥΠΟΥΡΓΟΥ

Η ΑΝ. ΠΡ/ΝΗ ΓΕΝΙΚΗΣ ΔΙΕΥΘΥΝΣΗΣ

ΔΙΟΙΚΗΤΙΚΗΣ ΥΠΟΣΤΗΡΙΞΗΣ ΥΠΑ

ΑΝΑΣΤΑΣΙΑ ΚΑΡΑΓΙΑΝΝΙΔΟΥ
